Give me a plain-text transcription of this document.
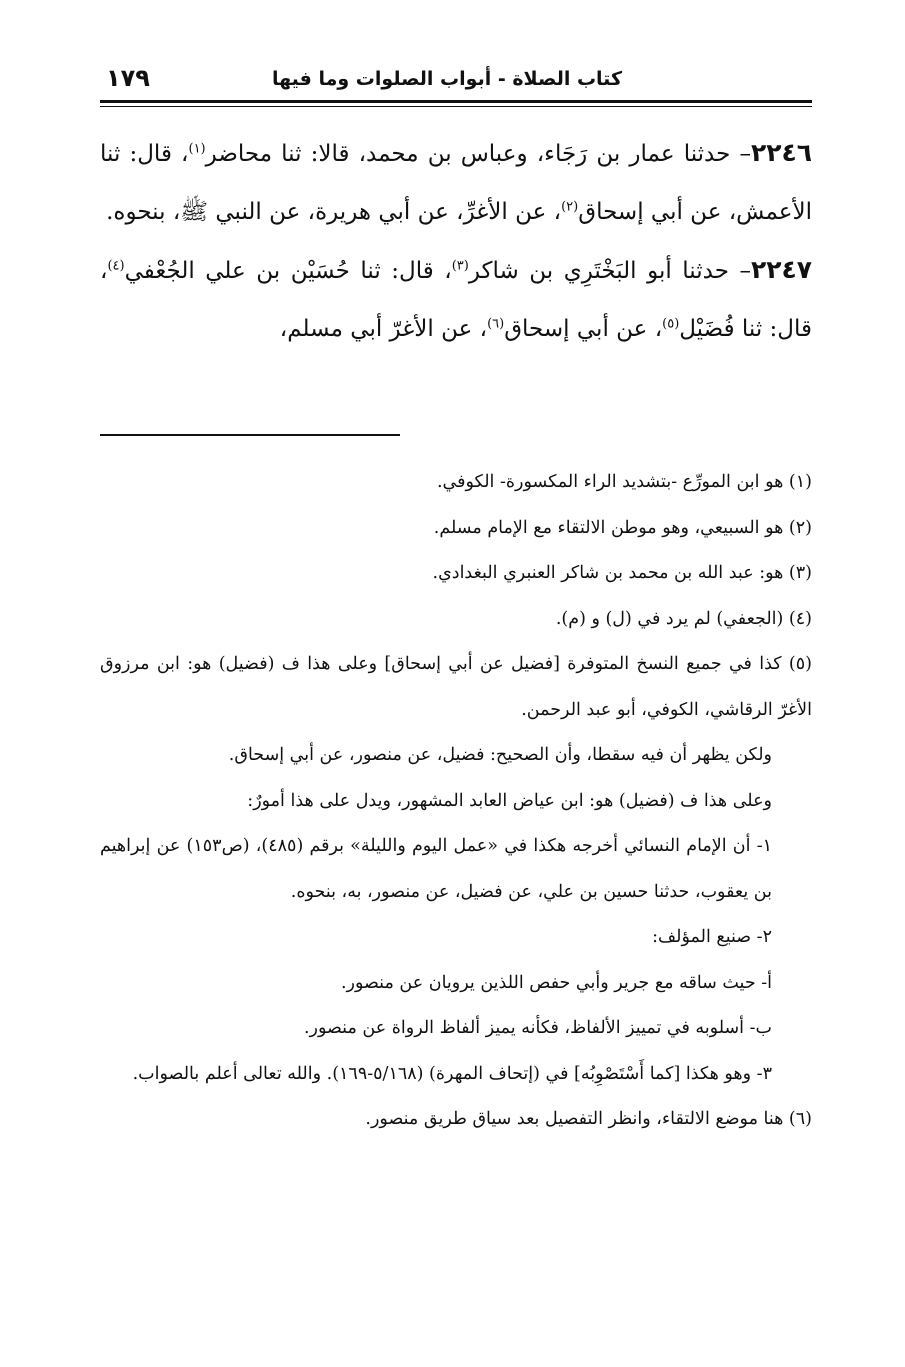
كتاب الصلاة - أبواب الصلوات وما فيها
١٧٩

٢٢٤٦– حدثنا عمار بن رَجَاء، وعباس بن محمد، قالا: ثنا محاضر$^{(١)}$، قال: ثنا الأعمش، عن أبي إسحاق$^{(٢)}$، عن الأغرِّ، عن أبي هريرة، عن النبي ﷺ، بنحوه.

٢٢٤٧– حدثنا أبو البَخْتَرِي بن شاكر$^{(٣)}$، قال: ثنا حُسَيْن بن علي الجُعْفي$^{(٤)}$، قال: ثنا فُضَيْل$^{(٥)}$، عن أبي إسحاق$^{(٦)}$، عن الأغرّ أبي مسلم،

(١) هو ابن المورِّع -بتشديد الراء المكسورة- الكوفي.

(٢) هو السبيعي، وهو موطن الالتقاء مع الإمام مسلم.

(٣) هو: عبد الله بن محمد بن شاكر العنبري البغدادي.

(٤) (الجعفي) لم يرد في (ل) و (م).

(٥) كذا في جميع النسخ المتوفرة [فضيل عن أبي إسحاق] وعلى هذا ف (فضيل) هو: ابن مرزوق الأغرّ الرقاشي، الكوفي، أبو عبد الرحمن.

ولكن يظهر أن فيه سقطا، وأن الصحيح: فضيل، عن منصور، عن أبي إسحاق.

وعلى هذا ف (فضيل) هو: ابن عياض العابد المشهور، ويدل على هذا أمورٌ:

١- أن الإمام النسائي أخرجه هكذا في «عمل اليوم والليلة» برقم (٤٨٥)، (ص١٥٣) عن إبراهيم بن يعقوب، حدثنا حسين بن علي، عن فضيل، عن منصور، به، بنحوه.

٢- صنيع المؤلف:

أ- حيث ساقه مع جرير وأبي حفص اللذين يرويان عن منصور.

ب- أسلوبه في تمييز الألفاظ، فكأنه يميز ألفاظ الرواة عن منصور.

٣- وهو هكذا [كما أَسْتَصْوِبُه] في (إتحاف المهرة) (٥/١٦٨-١٦٩). والله تعالى أعلم بالصواب.

(٦) هنا موضع الالتقاء، وانظر التفصيل بعد سياق طريق منصور.
